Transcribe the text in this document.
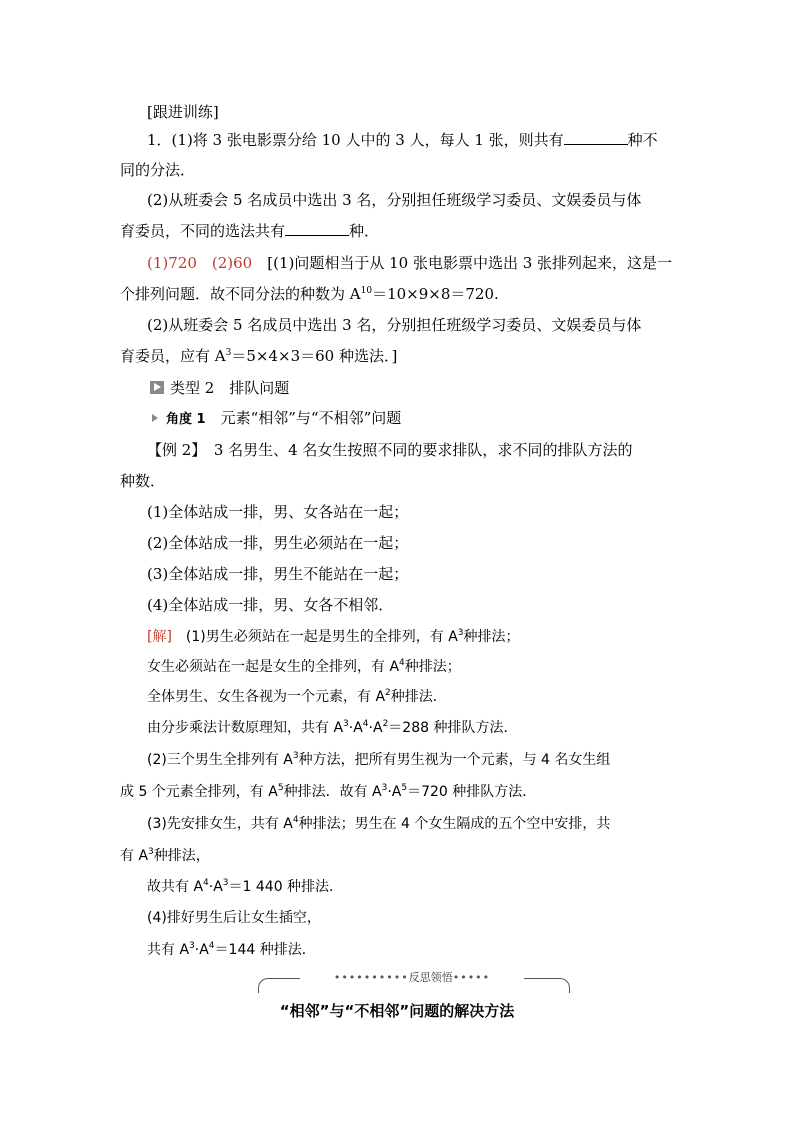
[跟进训练]
1．(1)将 3 张电影票分给 10 人中的 3 人，每人 1 张，则共有	种不
同的分法．
(2)从班委会 5 名成员中选出 3 名，分别担任班级学习委员、文娱委员与体
育委员，不同的选法共有	种．
(1)720　(2)60　 [(1)问题相当于从 10 张电影票中选出 3 张排列起来，这是一
个排列问题．故不同分法的种数为 $A^{10}=10\times 9\times 8=720$.
(2)从班委会 5 名成员中选出 3 名，分别担任班级学习委员、文娱委员与体
育委员，应有 $A^3=5\times 4\times 3=60$ 种选法．]
类型 2　排队问题
角度 1　 元素“相邻”与“不相邻”问题
【例 2】　3 名男生、4 名女生按照不同的要求排队，求不同的排队方法的
种数．
(1)全体站成一排，男、女各站在一起；
(2)全体站成一排，男生必须站在一起；
(3)全体站成一排，男生不能站在一起；
(4)全体站成一排，男、女各不相邻．
[解]　(1)男生必须站在一起是男生的全排列，有 $A^3$种排法；
女生必须站在一起是女生的全排列，有 $A^4$种排法；
全体男生、女生各视为一个元素，有 $A^2$种排法．
由分步乘法计数原理知，共有 $A^3\cdot A^4\cdot A^2=288$ 种排队方法．
(2)三个男生全排列有 $A^3$种方法，把所有男生视为一个元素，与 4 名女生组
成 5 个元素全排列，有 $A^5$种排法．故有 $A^3\cdot A^5=720$ 种排队方法．
(3)先安排女生，共有 $A^4$种排法；男生在 4 个女生隔成的五个空中安排，共
有 $A^3$种排法，
故共有 $A^4\cdot A^3=1$ 440 种排法．
(4)排好男生后让女生插空，
共有 $A^3\cdot A^4=144$ 种排法．
••••••••••反思领悟•••••
“相邻”与“不相邻”问题的解决方法
